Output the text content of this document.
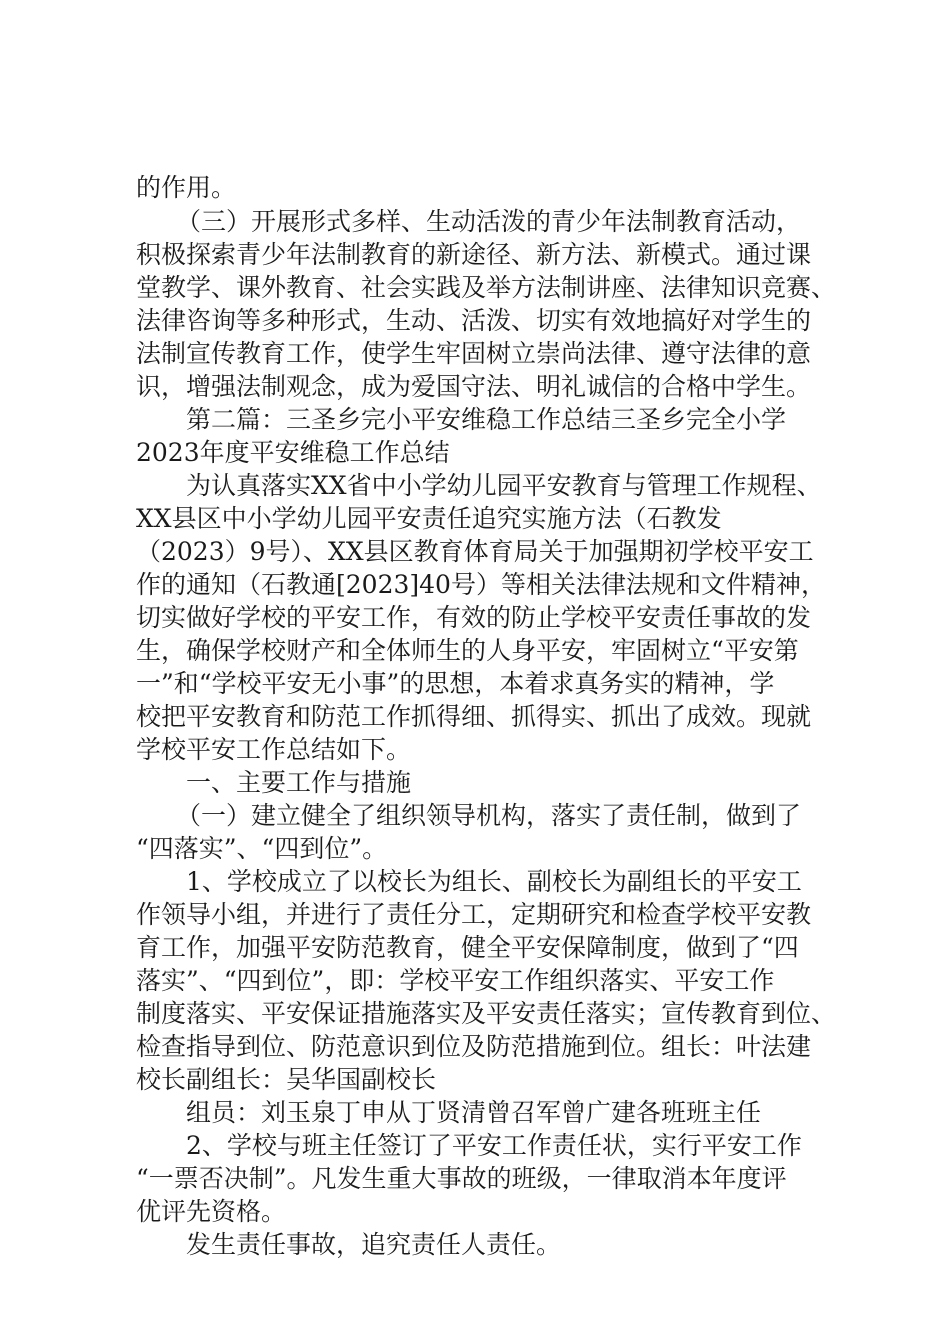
的作用。
（三）开展形式多样、生动活泼的青少年法制教育活动，
积极探索青少年法制教育的新途径、新方法、新模式。通过课
堂教学、课外教育、社会实践及举方法制讲座、法律知识竞赛、
法律咨询等多种形式，生动、活泼、切实有效地搞好对学生的
法制宣传教育工作，使学生牢固树立崇尚法律、遵守法律的意
识，增强法制观念，成为爱国守法、明礼诚信的合格中学生。
第二篇：三圣乡完小平安维稳工作总结三圣乡完全小学
2023年度平安维稳工作总结
为认真落实XX省中小学幼儿园平安教育与管理工作规程、
XX县区中小学幼儿园平安责任追究实施方法（石教发
（2023）9号）、XX县区教育体育局关于加强期初学校平安工
作的通知（石教通[2023]40号）等相关法律法规和文件精神，
切实做好学校的平安工作，有效的防止学校平安责任事故的发
生，确保学校财产和全体师生的人身平安，牢固树立“平安第
一”和“学校平安无小事”的思想，本着求真务实的精神，学
校把平安教育和防范工作抓得细、抓得实、抓出了成效。现就
学校平安工作总结如下。
一、主要工作与措施
（一）建立健全了组织领导机构，落实了责任制，做到了
“四落实”、“四到位”。
1、学校成立了以校长为组长、副校长为副组长的平安工
作领导小组，并进行了责任分工，定期研究和检查学校平安教
育工作，加强平安防范教育，健全平安保障制度，做到了“四
落实”、“四到位”，即：学校平安工作组织落实、平安工作
制度落实、平安保证措施落实及平安责任落实；宣传教育到位、
检查指导到位、防范意识到位及防范措施到位。组长：叶法建
校长副组长：吴华国副校长
组员：刘玉泉丁申从丁贤清曾召军曾广建各班班主任
2、学校与班主任签订了平安工作责任状，实行平安工作
“一票否决制”。凡发生重大事故的班级，一律取消本年度评
优评先资格。
发生责任事故，追究责任人责任。
